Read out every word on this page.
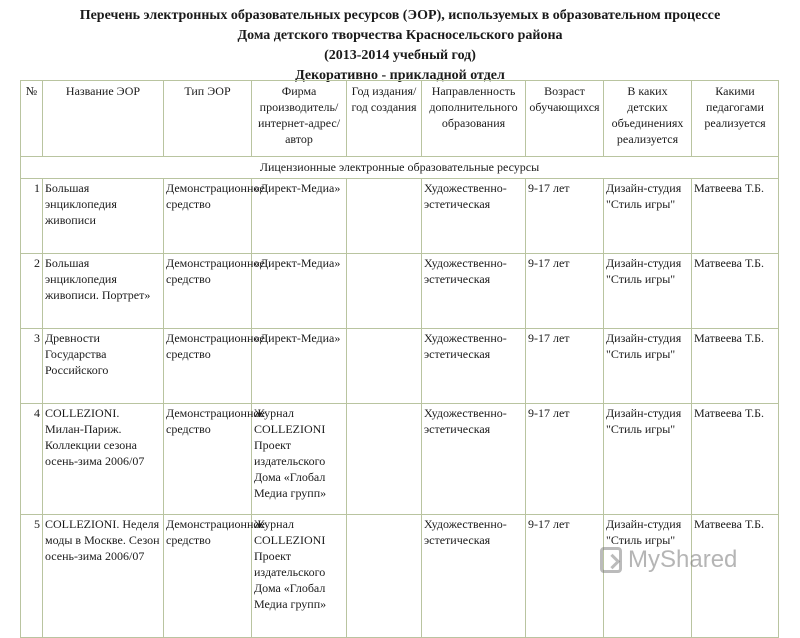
Перечень электронных образовательных ресурсов (ЭОР), используемых в образовательном процессе
Дома детского творчества Красносельского района
(2013-2014 учебный год)
Декоративно - прикладной отдел
№	Название ЭОР	Тип ЭОР	Фирма производитель/ интернет-адрес/ автор	Год издания/ год создания	Направленность дополнительного образования	Возраст обучающихся	В каких детских объединениях реализуется	Какими педагогами реализуется
Лицензионные электронные образовательные ресурсы								
1	Большая энциклопедия живописи	Демонстрационное средство	«Директ-Медиа»		Художественно-эстетическая	9-17 лет	Дизайн-студия "Стиль игры"	Матвеева Т.Б.
2	Большая энциклопедия живописи. Портрет»	Демонстрационное средство	«Директ-Медиа»		Художественно-эстетическая	9-17 лет	Дизайн-студия "Стиль игры"	Матвеева Т.Б.
3	Древности Государства Российского	Демонстрационное средство	«Директ-Медиа»		Художественно-эстетическая	9-17 лет	Дизайн-студия "Стиль игры"	Матвеева Т.Б.
4	COLLEZIONI. Милан-Париж. Коллекции сезона осень-зима 2006/07	Демонстрационное средство	Журнал COLLEZIONI Проект издательского Дома «Глобал Медиа групп»		Художественно-эстетическая	9-17 лет	Дизайн-студия "Стиль игры"	Матвеева Т.Б.
5	COLLEZIONI. Неделя моды в Москве. Сезон осень-зима 2006/07	Демонстрационное средство	Журнал COLLEZIONI Проект издательского Дома «Глобал Медиа групп»		Художественно-эстетическая	9-17 лет	Дизайн-студия "Стиль игры"	Матвеева Т.Б.
MyShared
